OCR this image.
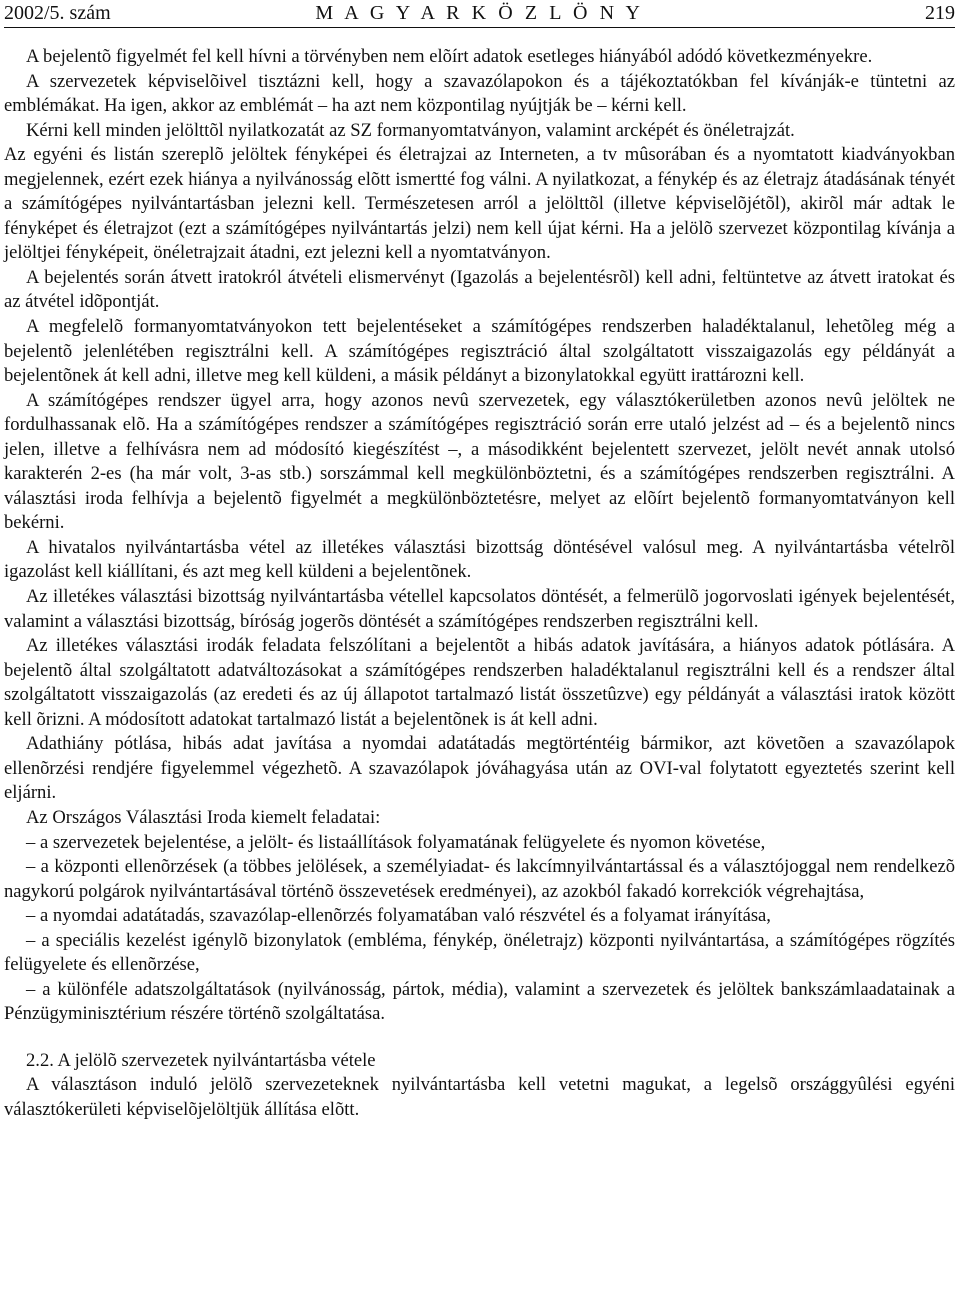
M A G Y A R K Ö Z L Ö N Y
2002/5. szám	219

A bejelentõ figyelmét fel kell hívni a törvényben nem elõírt adatok esetleges hiányából adódó következményekre.

A szervezetek képviselõivel tisztázni kell, hogy a szavazólapokon és a tájékoztatókban fel kívánják-e tüntetni az emblémákat. Ha igen, akkor az emblémát – ha azt nem központilag nyújtják be – kérni kell.

Kérni kell minden jelölttõl nyilatkozatát az SZ formanyomtatványon, valamint arcképét és önéletrajzát.

Az egyéni és listán szereplõ jelöltek fényképei és életrajzai az Interneten, a tv mûsorában és a nyomtatott kiadványokban megjelennek, ezért ezek hiánya a nyilvánosság elõtt ismertté fog válni. A nyilatkozat, a fénykép és az életrajz átadásának tényét a számítógépes nyilvántartásban jelezni kell. Természetesen arról a jelölttõl (illetve képviselõjétõl), akirõl már adtak le fényképet és életrajzot (ezt a számítógépes nyilvántartás jelzi) nem kell újat kérni. Ha a jelölõ szervezet központilag kívánja a jelöltjei fényképeit, önéletrajzait átadni, ezt jelezni kell a nyomtatványon.

A bejelentés során átvett iratokról átvételi elismervényt (Igazolás a bejelentésrõl) kell adni, feltüntetve az átvett iratokat és az átvétel idõpontját.

A megfelelõ formanyomtatványokon tett bejelentéseket a számítógépes rendszerben haladéktalanul, lehetõleg még a bejelentõ jelenlétében regisztrálni kell. A számítógépes regisztráció által szolgáltatott visszaigazolás egy példányát a bejelentõnek át kell adni, illetve meg kell küldeni, a másik példányt a bizonylatokkal együtt irattározni kell.

A számítógépes rendszer ügyel arra, hogy azonos nevû szervezetek, egy választókerületben azonos nevû jelöltek ne fordulhassanak elõ. Ha a számítógépes rendszer a számítógépes regisztráció során erre utaló jelzést ad – és a bejelentõ nincs jelen, illetve a felhívásra nem ad módosító kiegészítést –, a másodikként bejelentett szervezet, jelölt nevét annak utolsó karakterén 2-es (ha már volt, 3-as stb.) sorszámmal kell megkülönböztetni, és a számítógépes rendszerben regisztrálni. A választási iroda felhívja a bejelentõ figyelmét a megkülönböztetésre, melyet az elõírt bejelentõ formanyomtatványon kell bekérni.

A hivatalos nyilvántartásba vétel az illetékes választási bizottság döntésével valósul meg. A nyilvántartásba vételrõl igazolást kell kiállítani, és azt meg kell küldeni a bejelentõnek.

Az illetékes választási bizottság nyilvántartásba vétellel kapcsolatos döntését, a felmerülõ jogorvoslati igények bejelentését, valamint a választási bizottság, bíróság jogerõs döntését a számítógépes rendszerben regisztrálni kell.

Az illetékes választási irodák feladata felszólítani a bejelentõt a hibás adatok javítására, a hiányos adatok pótlására. A bejelentõ által szolgáltatott adatváltozásokat a számítógépes rendszerben haladéktalanul regisztrálni kell és a rendszer által szolgáltatott visszaigazolás (az eredeti és az új állapotot tartalmazó listát összetûzve) egy példányát a választási iratok között kell õrizni. A módosított adatokat tartalmazó listát a bejelentõnek is át kell adni.

Adathiány pótlása, hibás adat javítása a nyomdai adatátadás megtörténtéig bármikor, azt követõen a szavazólapok ellenõrzési rendjére figyelemmel végezhetõ. A szavazólapok jóváhagyása után az OVI-val folytatott egyeztetés szerint kell eljárni.

Az Országos Választási Iroda kiemelt feladatai:

– a szervezetek bejelentése, a jelölt- és listaállítások folyamatának felügyelete és nyomon követése,

– a központi ellenõrzések (a többes jelölések, a személyiadat- és lakcímnyilvántartással és a választójoggal nem rendelkezõ nagykorú polgárok nyilvántartásával történõ összevetések eredményei), az azokból fakadó korrekciók végrehajtása,

– a nyomdai adatátadás, szavazólap-ellenõrzés folyamatában való részvétel és a folyamat irányítása,

– a speciális kezelést igénylõ bizonylatok (embléma, fénykép, önéletrajz) központi nyilvántartása, a számítógépes rögzítés felügyelete és ellenõrzése,

– a különféle adatszolgáltatások (nyilvánosság, pártok, média), valamint a szervezetek és jelöltek bankszámlaadatainak a Pénzügyminisztérium részére történõ szolgáltatása.

2.2. A jelölõ szervezetek nyilvántartásba vétele

A választáson induló jelölõ szervezeteknek nyilvántartásba kell vetetni magukat, a legelsõ országgyûlési egyéni választókerületi képviselõjelöltjük állítása elõtt.
